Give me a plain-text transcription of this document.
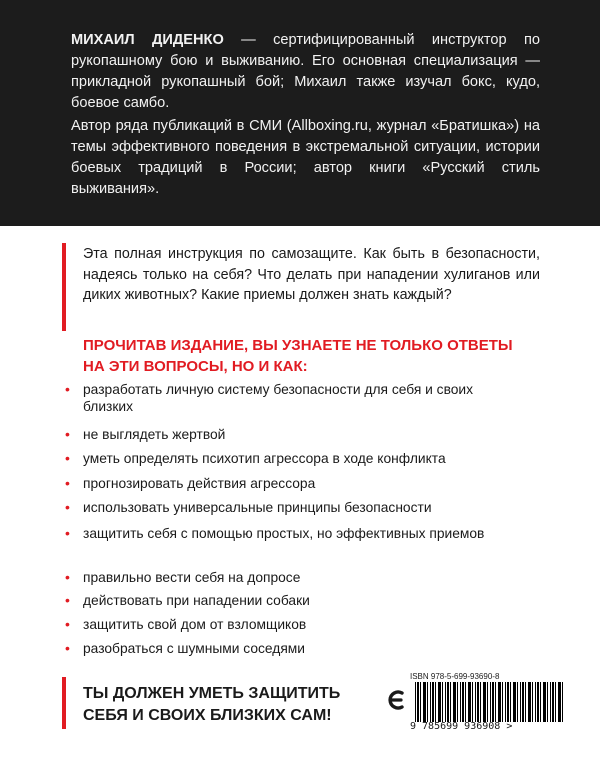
МИХАИЛ ДИДЕНКО — сертифицированный инструктор по рукопашному бою и выживанию. Его основная специализация — прикладной рукопашный бой; Михаил также изучал бокс, кудо, боевое самбо.

Автор ряда публикаций в СМИ (Allboxing.ru, журнал «Братишка») на темы эффективного поведения в экстремальной ситуации, истории боевых традиций в России; автор книги «Русский стиль выживания».

Эта полная инструкция по самозащите. Как быть в безопасности, надеясь только на себя? Что делать при нападении хулиганов или диких животных? Какие приемы должен знать каждый?

ПРОЧИТАВ ИЗДАНИЕ, ВЫ УЗНАЕТЕ НЕ ТОЛЬКО ОТВЕТЫ НА ЭТИ ВОПРОСЫ, НО И КАК:

• разработать личную систему безопасности для себя и своих близких
• не выглядеть жертвой
• уметь определять психотип агрессора в ходе конфликта
• прогнозировать действия агрессора
• использовать универсальные принципы безопасности
• защитить себя с помощью простых, но эффективных приемов
• правильно вести себя на допросе
• действовать при нападении собаки
• защитить свой дом от взломщиков
• разобраться с шумными соседями

ТЫ ДОЛЖЕН УМЕТЬ ЗАЩИТИТЬ СЕБЯ И СВОИХ БЛИЗКИХ САМ!

ISBN 978-5-699-93690-8
9 785699 936908 >
